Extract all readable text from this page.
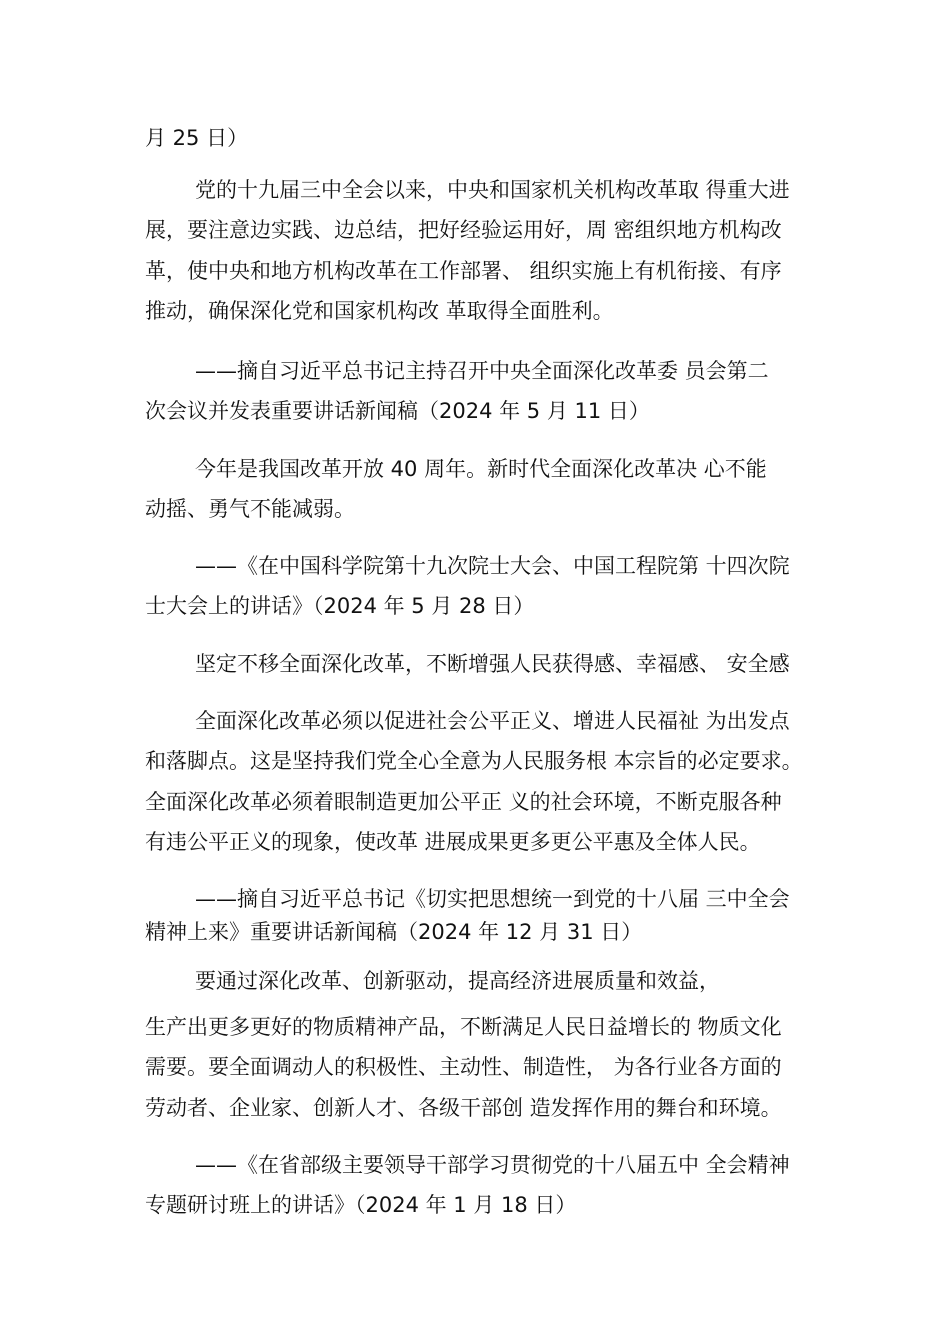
月 25 日）
党的十九届三中全会以来，中央和国家机关机构改革取 得重大进
展，要注意边实践、边总结，把好经验运用好，周 密组织地方机构改
革，使中央和地方机构改革在工作部署、 组织实施上有机衔接、有序
推动，确保深化党和国家机构改 革取得全面胜利。
——摘自习近平总书记主持召开中央全面深化改革委 员会第二
次会议并发表重要讲话新闻稿（2024 年 5 月 11 日）
今年是我国改革开放 40 周年。新时代全面深化改革决 心不能
动摇、勇气不能减弱。
——《在中国科学院第十九次院士大会、中国工程院第 十四次院
士大会上的讲话》（2024 年 5 月 28 日）
坚定不移全面深化改革，不断增强人民获得感、幸福感、 安全感
全面深化改革必须以促进社会公平正义、增进人民福祉 为出发点
和落脚点。这是坚持我们党全心全意为人民服务根 本宗旨的必定要求。
全面深化改革必须着眼制造更加公平正 义的社会环境，不断克服各种
有违公平正义的现象，使改革 进展成果更多更公平惠及全体人民。
——摘自习近平总书记《切实把思想统一到党的十八届 三中全会
精神上来》重要讲话新闻稿（2024 年 12 月 31 日）
要通过深化改革、创新驱动，提高经济进展质量和效益，
生产出更多更好的物质精神产品，不断满足人民日益增长的 物质文化
需要。要全面调动人的积极性、主动性、制造性， 为各行业各方面的
劳动者、企业家、创新人才、各级干部创 造发挥作用的舞台和环境。
——《在省部级主要领导干部学习贯彻党的十八届五中 全会精神
专题研讨班上的讲话》（2024 年 1 月 18 日）
